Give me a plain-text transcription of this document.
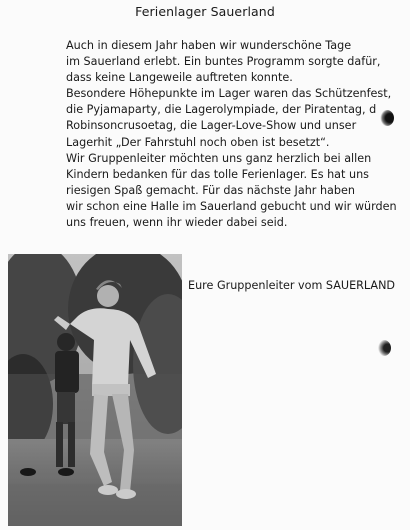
Ferienlager Sauerland
Auch in diesem Jahr haben wir wunderschöne Tage
im Sauerland erlebt. Ein buntes Programm sorgte dafür,
dass keine Langeweile auftreten konnte.
Besondere Höhepunkte im Lager waren das Schützenfest,
die Pyjamaparty, die Lagerolympiade, der Piratentag, d
Robinsoncrusoetag, die Lager-Love-Show und unser
Lagerhit „Der Fahrstuhl noch oben ist besetzt“.
Wir Gruppenleiter möchten uns ganz herzlich bei allen
Kindern bedanken für das tolle Ferienlager. Es hat uns
riesigen Spaß gemacht. Für das nächste Jahr haben
wir schon eine Halle im Sauerland gebucht und wir würden
uns freuen, wenn ihr wieder dabei seid.
Eure Gruppenleiter vom SAUERLAND
